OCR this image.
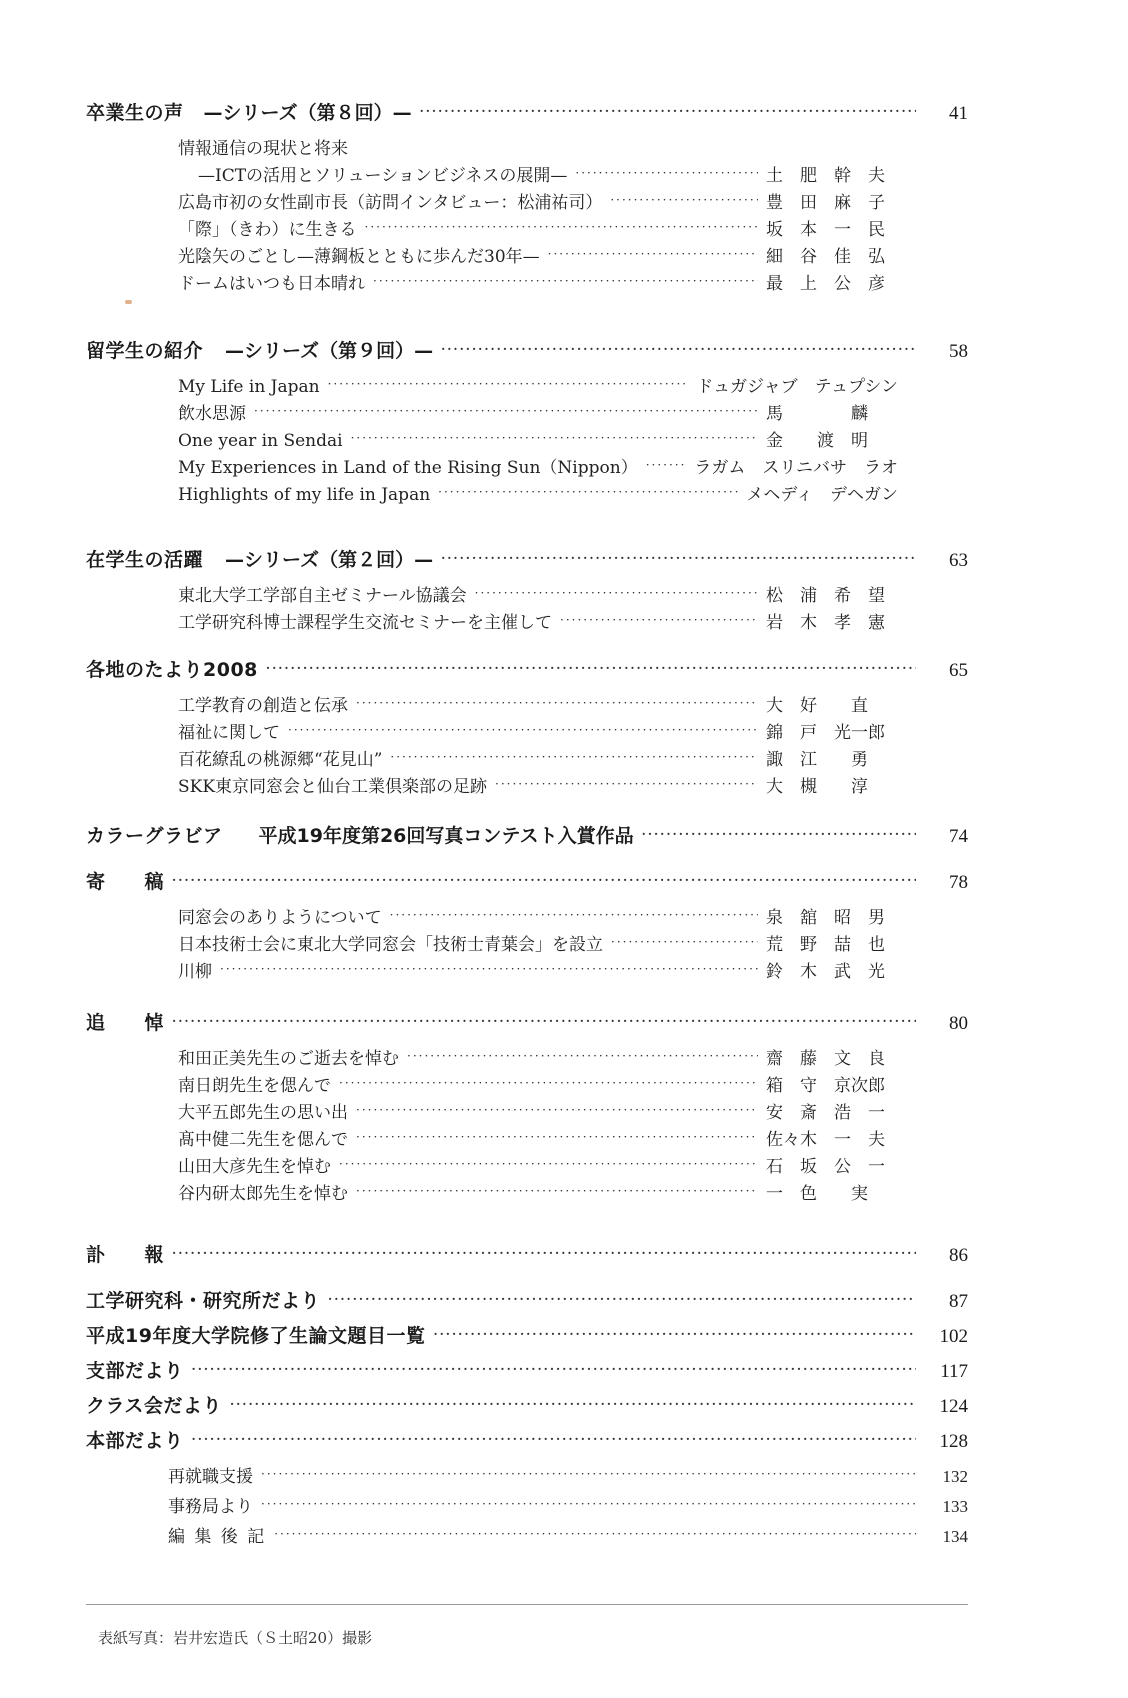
卒業生の声 —シリーズ（第８回）— ·····	41
情報通信の現状と将来
—ICTの活用とソリューションビジネスの展開— ·····	土　肥　幹　夫
広島市初の女性副市長（訪問インタビュー：松浦祐司） ·····	豊　田　麻　子
「際」（きわ）に生きる ·····	坂　本　一　民
光陰矢のごとし—薄鋼板とともに歩んだ30年— ·····	細　谷　佳　弘
ドームはいつも日本晴れ ·····	最　上　公　彦
留学生の紹介 —シリーズ（第９回）— ·····	58
My Life in Japan ·····	ドュガジャブ　テュプシン
飲水思源 ·····	馬　　　　麟
One year in Sendai ·····	金　　渡　明
My Experiences in Land of the Rising Sun（Nippon） ·····	ラガム　スリニバサ　ラオ
Highlights of my life in Japan ·····	メヘディ　デヘガン
在学生の活躍 —シリーズ（第２回）— ·····	63
東北大学工学部自主ゼミナール協議会 ·····	松　浦　希　望
工学研究科博士課程学生交流セミナーを主催して ·····	岩　木　孝　憲
各地のたより2008 ·····	65
工学教育の創造と伝承 ·····	大　好　　直
福祉に関して ·····	錦　戸　光一郎
百花繚乱の桃源郷“花見山” ·····	諏　江　　勇
SKK東京同窓会と仙台工業倶楽部の足跡 ·····	大　槻　　淳
カラーグラビア 平成19年度第26回写真コンテスト入賞作品 ·····	74
寄　　稿 ·····	78
同窓会のありようについて ·····	泉　舘　昭　男
日本技術士会に東北大学同窓会「技術士青葉会」を設立 ·····	荒　野　喆　也
川柳 ·····	鈴　木　武　光
追　　悼 ·····	80
和田正美先生のご逝去を悼む ·····	齋　藤　文　良
南日朗先生を偲んで ·····	箱　守　京次郎
大平五郎先生の思い出 ·····	安　斎　浩　一
髙中健二先生を偲んで ·····	佐々木　一　夫
山田大彦先生を悼む ·····	石　坂　公　一
谷内研太郎先生を悼む ·····	一　色　　実
訃　　報 ·····	86
工学研究科・研究所だより ·····	87
平成19年度大学院修了生論文題目一覧 ·····	102
支部だより ·····	117
クラス会だより ·····	124
本部だより ·····	128
再就職支援 ·····	132
事務局より ·····	133
編 集 後 記 ·····	134
表紙写真：岩井宏造氏（Ｓ土昭20）撮影
